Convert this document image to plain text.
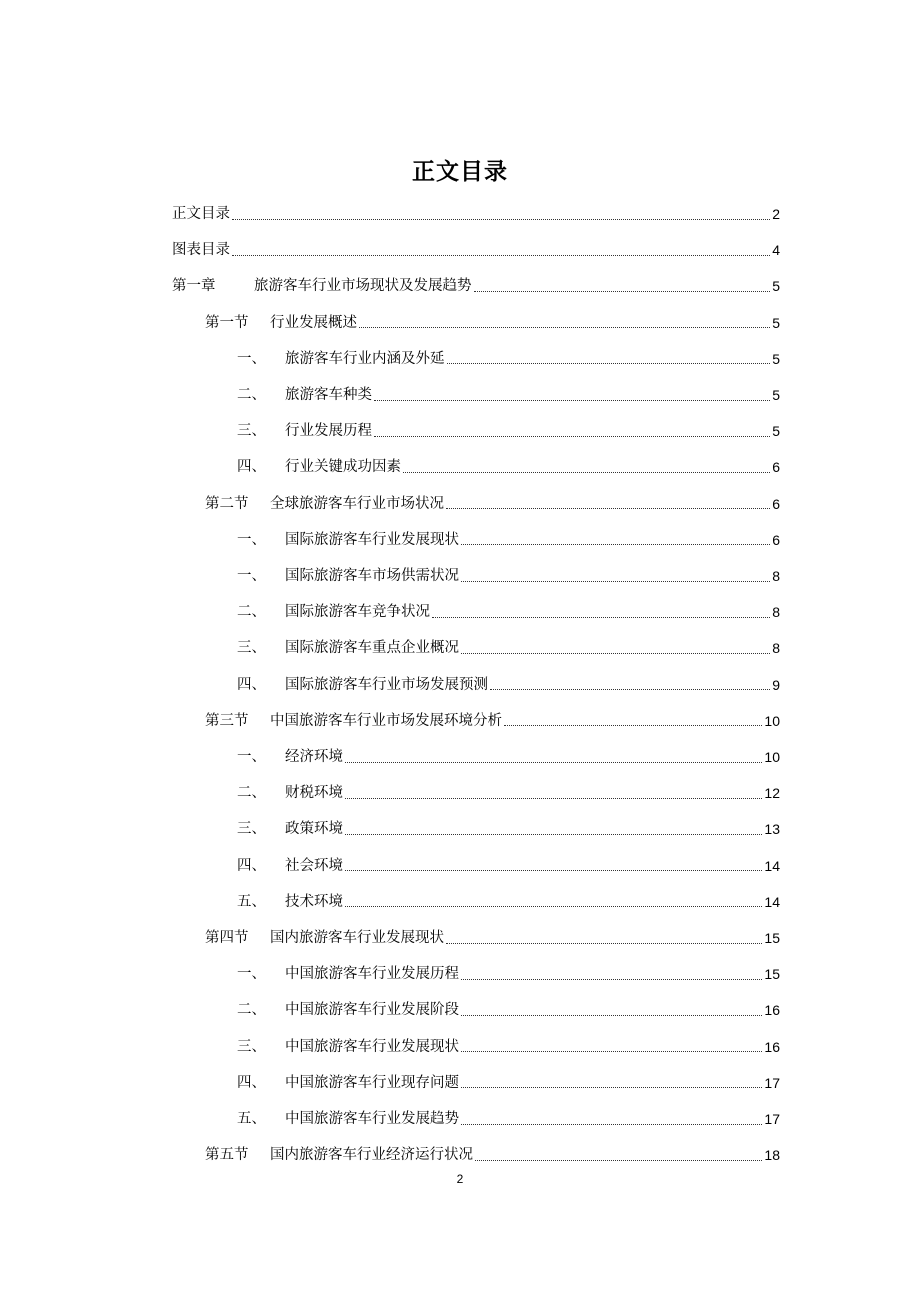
正文目录
正文目录	2
图表目录	4
第一章	旅游客车行业市场现状及发展趋势	5
第一节	行业发展概述	5
一、	旅游客车行业内涵及外延	5
二、	旅游客车种类	5
三、	行业发展历程	5
四、	行业关键成功因素	6
第二节	全球旅游客车行业市场状况	6
一、	国际旅游客车行业发展现状	6
一、	国际旅游客车市场供需状况	8
二、	国际旅游客车竞争状况	8
三、	国际旅游客车重点企业概况	8
四、	国际旅游客车行业市场发展预测	9
第三节	中国旅游客车行业市场发展环境分析	10
一、	经济环境	10
二、	财税环境	12
三、	政策环境	13
四、	社会环境	14
五、	技术环境	14
第四节	国内旅游客车行业发展现状	15
一、	中国旅游客车行业发展历程	15
二、	中国旅游客车行业发展阶段	16
三、	中国旅游客车行业发展现状	16
四、	中国旅游客车行业现存问题	17
五、	中国旅游客车行业发展趋势	17
第五节	国内旅游客车行业经济运行状况	18
2
